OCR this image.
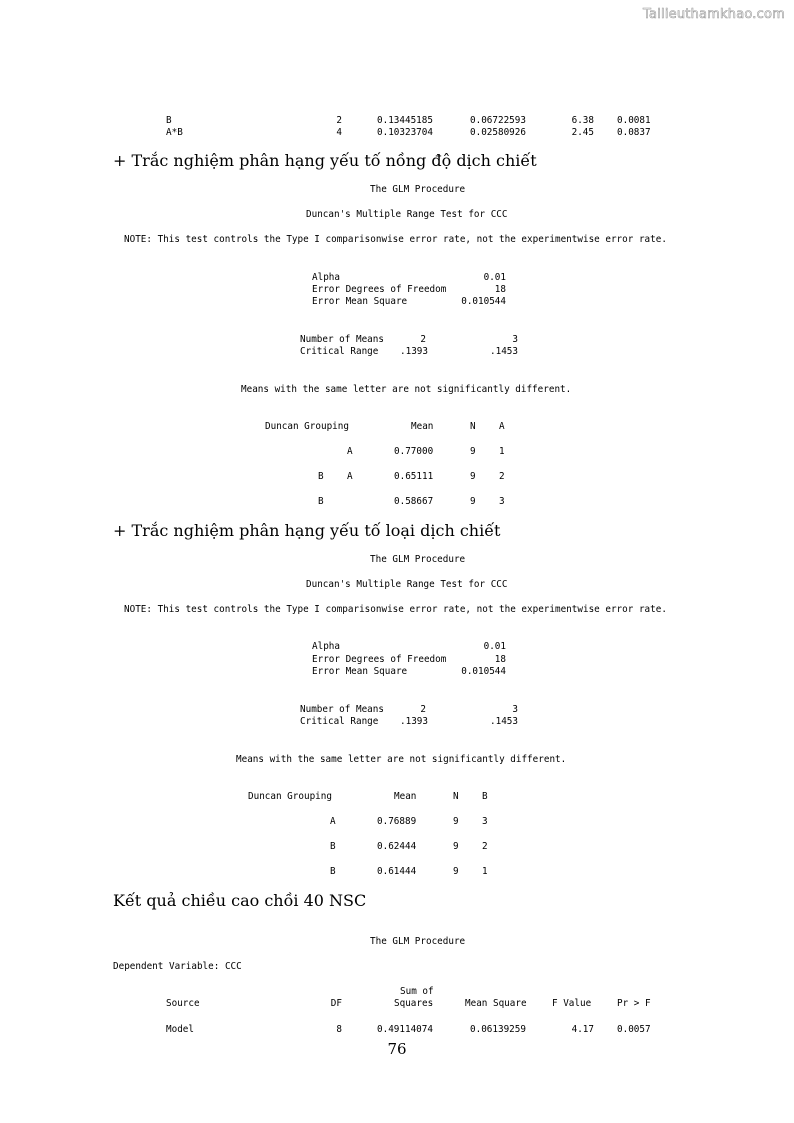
Tailieuthamkhao.com
B	2	0.13445185	0.06722593	6.38 0.0081
A*B	4	0.10323704	0.02580926	2.45 0.0837
+ Trắc nghiệm phân hạng yếu tố nồng độ dịch chiết
The GLM Procedure
Duncan's Multiple Range Test for CCC
NOTE: This test controls the Type I comparisonwise error rate, not the experimentwise error rate.
Alpha	0.01
Error Degrees of Freedom	18
Error Mean Square	0.010544
Number of Means	2	3
Critical Range .1393	.1453
Means with the same letter are not significantly different.
Duncan Grouping	Mean	N	A
A	0.77000	9	1
B	A	0.65111	9	2
B	0.58667	9	3
+ Trắc nghiệm phân hạng yếu tố loại dịch chiết
The GLM Procedure
Duncan's Multiple Range Test for CCC
NOTE: This test controls the Type I comparisonwise error rate, not the experimentwise error rate.
Alpha	0.01
Error Degrees of Freedom	18
Error Mean Square	0.010544
Number of Means	2	3
Critical Range .1393	.1453
Means with the same letter are not significantly different.
Duncan Grouping	Mean	N	B
A	0.76889	9	3
B	0.62444	9	2
B	0.61444	9	1
Kết quả chiều cao chồi 40 NSC
The GLM Procedure
Dependent Variable: CCC
Sum of
Source	DF	Squares	Mean Square	F Value	Pr > F
Model	8	0.49114074	0.06139259	4.17 0.0057
76
